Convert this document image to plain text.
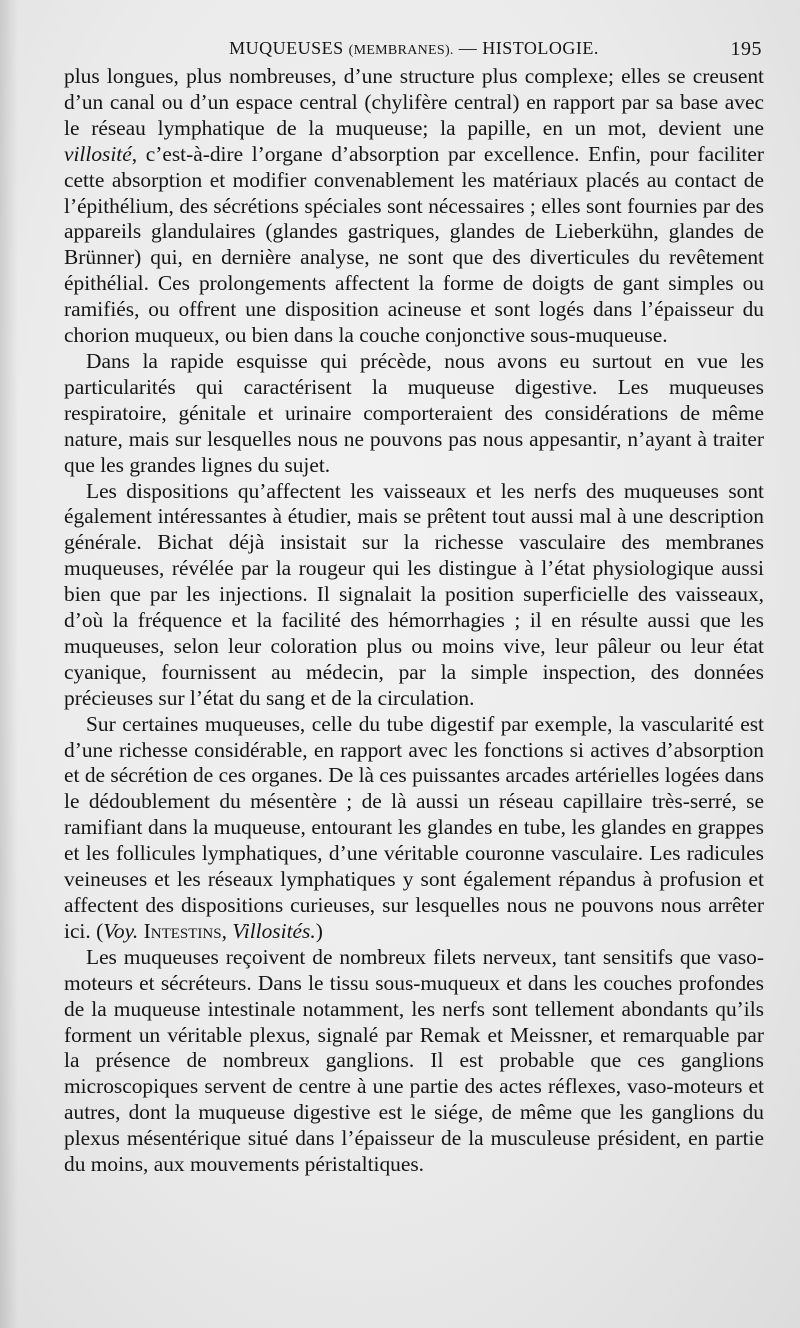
MUQUEUSES (MEMBRANES). — HISTOLOGIE.	195

plus longues, plus nombreuses, d’une structure plus complexe; elles se creusent d’un canal ou d’un espace central (chylifère central) en rapport par sa base avec le réseau lymphatique de la muqueuse; la papille, en un mot, devient une villosité, c’est-à-dire l’organe d’absorption par excellence. Enfin, pour faciliter cette absorption et modifier convenablement les matériaux placés au contact de l’épithélium, des sécrétions spéciales sont nécessaires ; elles sont fournies par des appareils glandulaires (glandes gastriques, glandes de Lieberkühn, glandes de Brünner) qui, en dernière analyse, ne sont que des diverticules du revêtement épithélial. Ces prolongements affectent la forme de doigts de gant simples ou ramifiés, ou offrent une disposition acineuse et sont logés dans l’épaisseur du chorion muqueux, ou bien dans la couche conjonctive sous-muqueuse.

Dans la rapide esquisse qui précède, nous avons eu surtout en vue les particularités qui caractérisent la muqueuse digestive. Les muqueuses respiratoire, génitale et urinaire comporteraient des considérations de même nature, mais sur lesquelles nous ne pouvons pas nous appesantir, n’ayant à traiter que les grandes lignes du sujet.

Les dispositions qu’affectent les vaisseaux et les nerfs des muqueuses sont également intéressantes à étudier, mais se prêtent tout aussi mal à une description générale. Bichat déjà insistait sur la richesse vasculaire des membranes muqueuses, révélée par la rougeur qui les distingue à l’état physiologique aussi bien que par les injections. Il signalait la position superficielle des vaisseaux, d’où la fréquence et la facilité des hémorrhagies ; il en résulte aussi que les muqueuses, selon leur coloration plus ou moins vive, leur pâleur ou leur état cyanique, fournissent au médecin, par la simple inspection, des données précieuses sur l’état du sang et de la circulation.

Sur certaines muqueuses, celle du tube digestif par exemple, la vascularité est d’une richesse considérable, en rapport avec les fonctions si actives d’absorption et de sécrétion de ces organes. De là ces puissantes arcades artérielles logées dans le dédoublement du mésentère ; de là aussi un réseau capillaire très-serré, se ramifiant dans la muqueuse, entourant les glandes en tube, les glandes en grappes et les follicules lymphatiques, d’une véritable couronne vasculaire. Les radicules veineuses et les réseaux lymphatiques y sont également répandus à profusion et affectent des dispositions curieuses, sur lesquelles nous ne pouvons nous arrêter ici. (Voy. Intestins, Villosités.)

Les muqueuses reçoivent de nombreux filets nerveux, tant sensitifs que vaso-moteurs et sécréteurs. Dans le tissu sous-muqueux et dans les couches profondes de la muqueuse intestinale notamment, les nerfs sont tellement abondants qu’ils forment un véritable plexus, signalé par Remak et Meissner, et remarquable par la présence de nombreux ganglions. Il est probable que ces ganglions microscopiques servent de centre à une partie des actes réflexes, vaso-moteurs et autres, dont la muqueuse digestive est le siége, de même que les ganglions du plexus mésentérique situé dans l’épaisseur de la musculeuse président, en partie du moins, aux mouvements péristaltiques.
